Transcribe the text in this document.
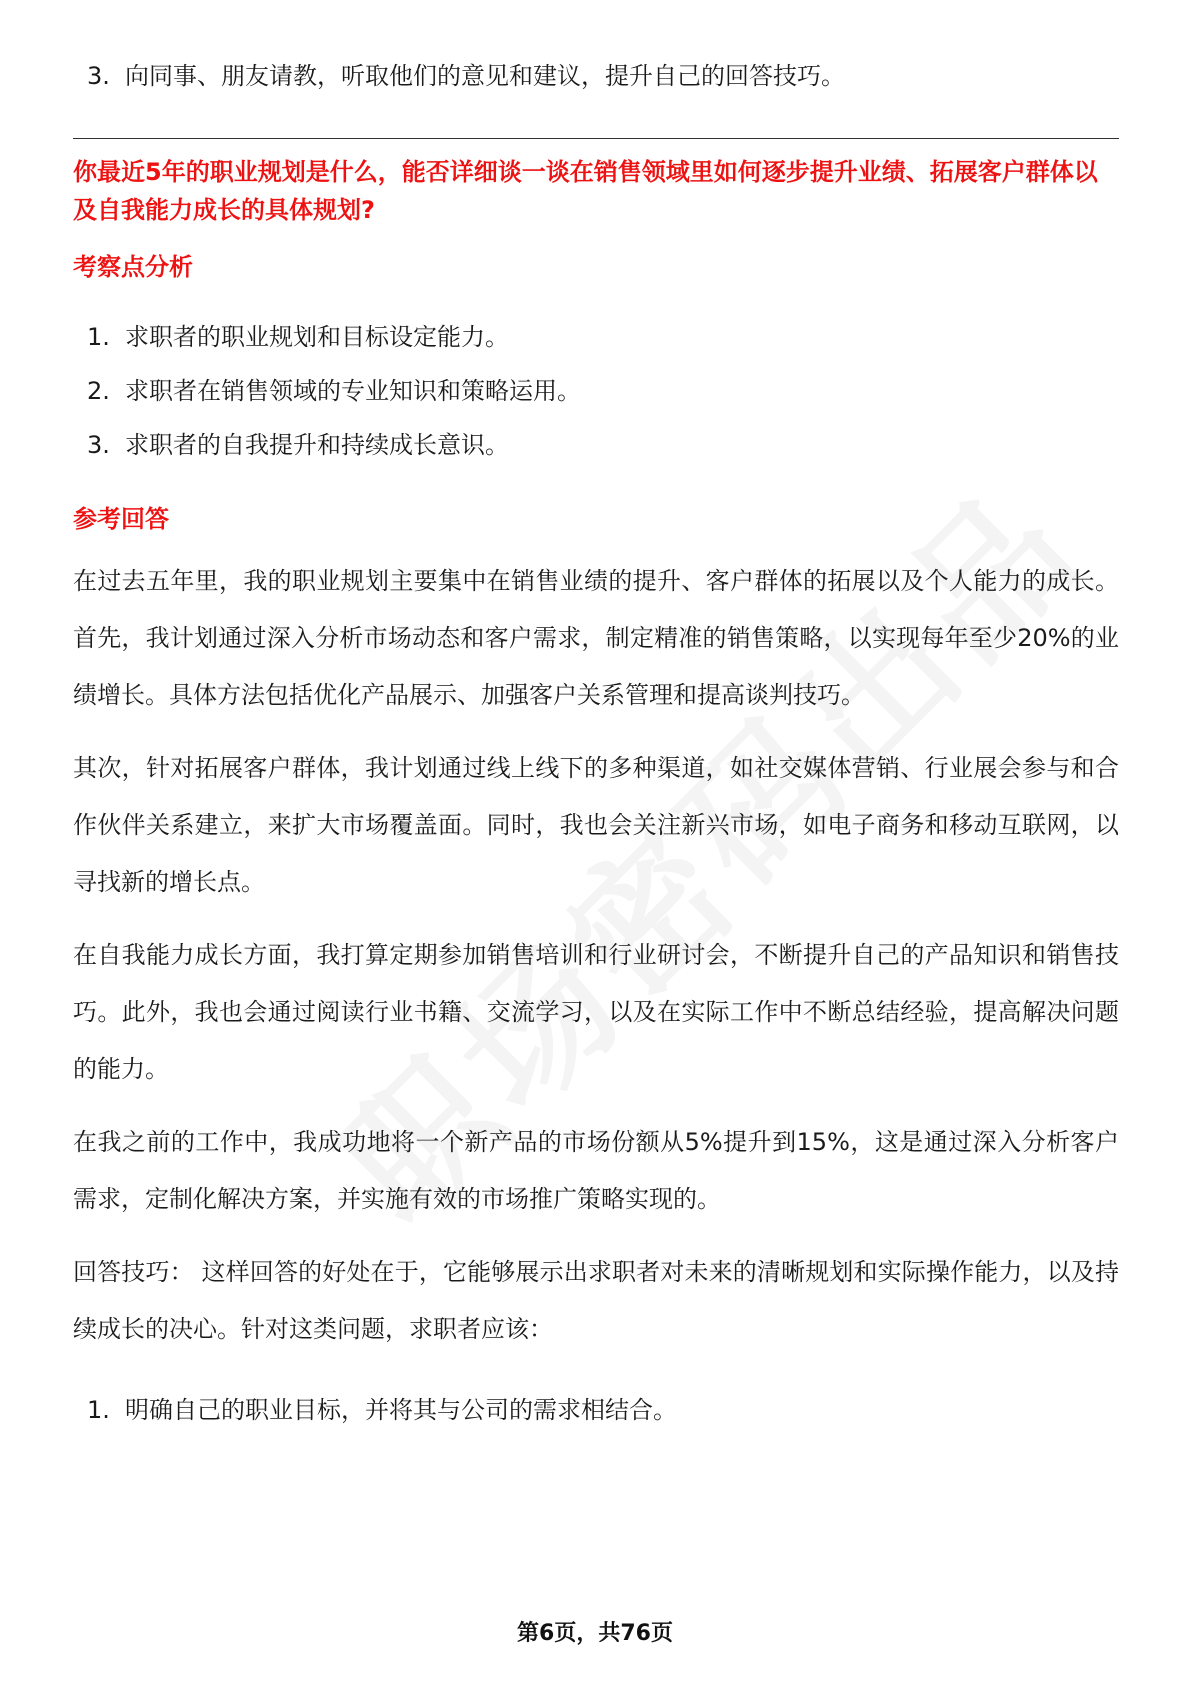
3. 向同事、朋友请教，听取他们的意见和建议，提升自己的回答技巧。
你最近5年的职业规划是什么，能否详细谈一谈在销售领域里如何逐步提升业绩、拓展客户群体以及自我能力成长的具体规划?
考察点分析
1. 求职者的职业规划和目标设定能力。
2. 求职者在销售领域的专业知识和策略运用。
3. 求职者的自我提升和持续成长意识。
参考回答
在过去五年里，我的职业规划主要集中在销售业绩的提升、客户群体的拓展以及个人能力的成长。首先，我计划通过深入分析市场动态和客户需求，制定精准的销售策略，以实现每年至少20%的业绩增长。具体方法包括优化产品展示、加强客户关系管理和提高谈判技巧。
其次，针对拓展客户群体，我计划通过线上线下的多种渠道，如社交媒体营销、行业展会参与和合作伙伴关系建立，来扩大市场覆盖面。同时，我也会关注新兴市场，如电子商务和移动互联网，以寻找新的增长点。
在自我能力成长方面，我打算定期参加销售培训和行业研讨会，不断提升自己的产品知识和销售技巧。此外，我也会通过阅读行业书籍、交流学习，以及在实际工作中不断总结经验，提高解决问题的能力。
在我之前的工作中，我成功地将一个新产品的市场份额从5%提升到15%，这是通过深入分析客户需求，定制化解决方案，并实施有效的市场推广策略实现的。
回答技巧： 这样回答的好处在于，它能够展示出求职者对未来的清晰规划和实际操作能力，以及持续成长的决心。针对这类问题，求职者应该：
1. 明确自己的职业目标，并将其与公司的需求相结合。
第6页，共76页
